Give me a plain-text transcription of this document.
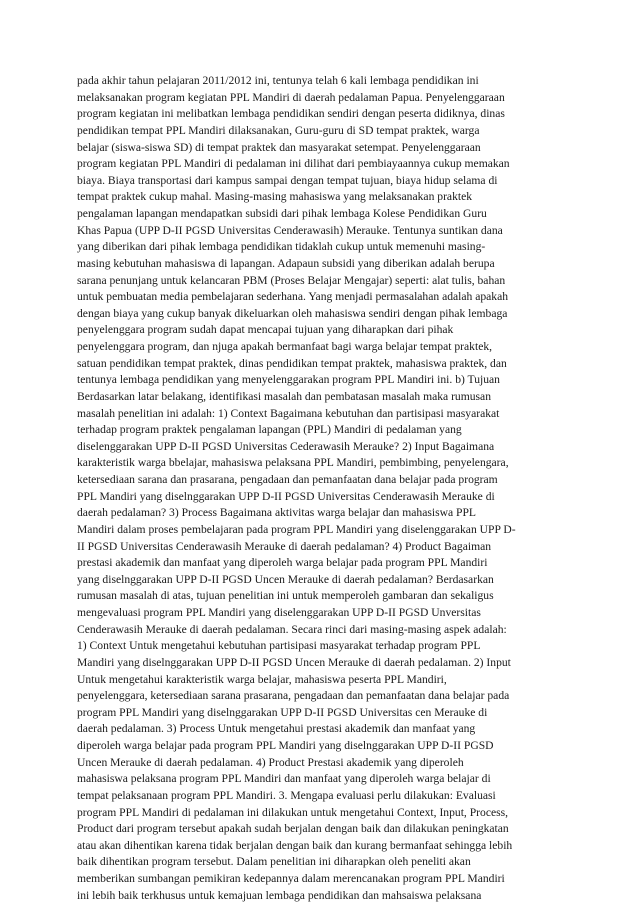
pada akhir tahun pelajaran 2011/2012 ini, tentunya telah 6 kali lembaga pendidikan ini
melaksanakan program kegiatan PPL Mandiri di daerah pedalaman Papua. Penyelenggaraan
program kegiatan ini melibatkan lembaga pendidikan sendiri dengan peserta didiknya, dinas
pendidikan tempat PPL Mandiri dilaksanakan, Guru-guru di SD tempat praktek, warga
belajar (siswa-siswa SD) di tempat praktek dan masyarakat setempat. Penyelenggaraan
program kegiatan PPL Mandiri di pedalaman ini dilihat dari pembiayaannya cukup memakan
biaya. Biaya transportasi dari kampus sampai dengan tempat tujuan, biaya hidup selama di
tempat praktek cukup mahal. Masing-masing mahasiswa yang melaksanakan praktek
pengalaman lapangan mendapatkan subsidi dari pihak lembaga Kolese Pendidikan Guru
Khas Papua (UPP D-II PGSD Universitas Cenderawasih) Merauke. Tentunya suntikan dana
yang diberikan dari pihak lembaga pendidikan tidaklah cukup untuk memenuhi masing-
masing kebutuhan mahasiswa di lapangan. Adapaun subsidi yang diberikan adalah berupa
sarana penunjang untuk kelancaran PBM (Proses Belajar Mengajar) seperti: alat tulis, bahan
untuk pembuatan media pembelajaran sederhana. Yang menjadi permasalahan adalah apakah
dengan biaya yang cukup banyak dikeluarkan oleh mahasiswa sendiri dengan pihak lembaga
penyelenggara program sudah dapat mencapai tujuan yang diharapkan dari pihak
penyelenggara program, dan njuga apakah bermanfaat bagi warga belajar tempat praktek,
satuan pendidikan tempat praktek, dinas pendidikan tempat praktek, mahasiswa praktek, dan
tentunya lembaga pendidikan yang menyelenggarakan program PPL Mandiri ini. b) Tujuan
Berdasarkan latar belakang, identifikasi masalah dan pembatasan masalah maka rumusan
masalah penelitian ini adalah: 1) Context Bagaimana kebutuhan dan partisipasi masyarakat
terhadap program praktek pengalaman lapangan (PPL) Mandiri di pedalaman yang
diselenggarakan UPP D-II PGSD Universitas Cederawasih Merauke? 2) Input Bagaimana
karakteristik warga bbelajar, mahasiswa pelaksana PPL Mandiri, pembimbing, penyelengara,
ketersediaan sarana dan prasarana, pengadaan dan pemanfaatan dana belajar pada program
PPL Mandiri yang diselnggarakan UPP D-II PGSD Universitas Cenderawasih Merauke di
daerah pedalaman? 3) Process Bagaimana aktivitas warga belajar dan mahasiswa PPL
Mandiri dalam proses pembelajaran pada program PPL Mandiri yang diselenggarakan UPP D-
II PGSD Universitas Cenderawasih Merauke di daerah pedalaman? 4) Product Bagaiman
prestasi akademik dan manfaat yang diperoleh warga belajar pada program PPL Mandiri
yang diselnggarakan UPP D-II PGSD Uncen Merauke di daerah pedalaman? Berdasarkan
rumusan masalah di atas, tujuan penelitian ini untuk memperoleh gambaran dan sekaligus
mengevaluasi program PPL Mandiri yang diselenggarakan UPP D-II PGSD Unversitas
Cenderawasih Merauke di daerah pedalaman. Secara rinci dari masing-masing aspek adalah:
1) Context Untuk mengetahui kebutuhan partisipasi masyarakat terhadap program PPL
Mandiri yang diselnggarakan UPP D-II PGSD Uncen Merauke di daerah pedalaman. 2) Input
Untuk mengetahui karakteristik warga belajar, mahasiswa peserta PPL Mandiri,
penyelenggara, ketersediaan sarana prasarana, pengadaan dan pemanfaatan dana belajar pada
program PPL Mandiri yang diselnggarakan UPP D-II PGSD Universitas cen Merauke di
daerah pedalaman. 3) Process Untuk mengetahui prestasi akademik dan manfaat yang
diperoleh warga belajar pada program PPL Mandiri yang diselnggarakan UPP D-II PGSD
Uncen Merauke di daerah pedalaman. 4) Product Prestasi akademik yang diperoleh
mahasiswa pelaksana program PPL Mandiri dan manfaat yang diperoleh warga belajar di
tempat pelaksanaan program PPL Mandiri. 3. Mengapa evaluasi perlu dilakukan: Evaluasi
program PPL Mandiri di pedalaman ini dilakukan untuk mengetahui Context, Input, Process,
Product dari program tersebut apakah sudah berjalan dengan baik dan dilakukan peningkatan
atau akan dihentikan karena tidak berjalan dengan baik dan kurang bermanfaat sehingga lebih
baik dihentikan program tersebut. Dalam penelitian ini diharapkan oleh peneliti akan
memberikan sumbangan pemikiran kedepannya dalam merencanakan program PPL Mandiri
ini lebih baik terkhusus untuk kemajuan lembaga pendidikan dan mahsaiswa pelaksana
